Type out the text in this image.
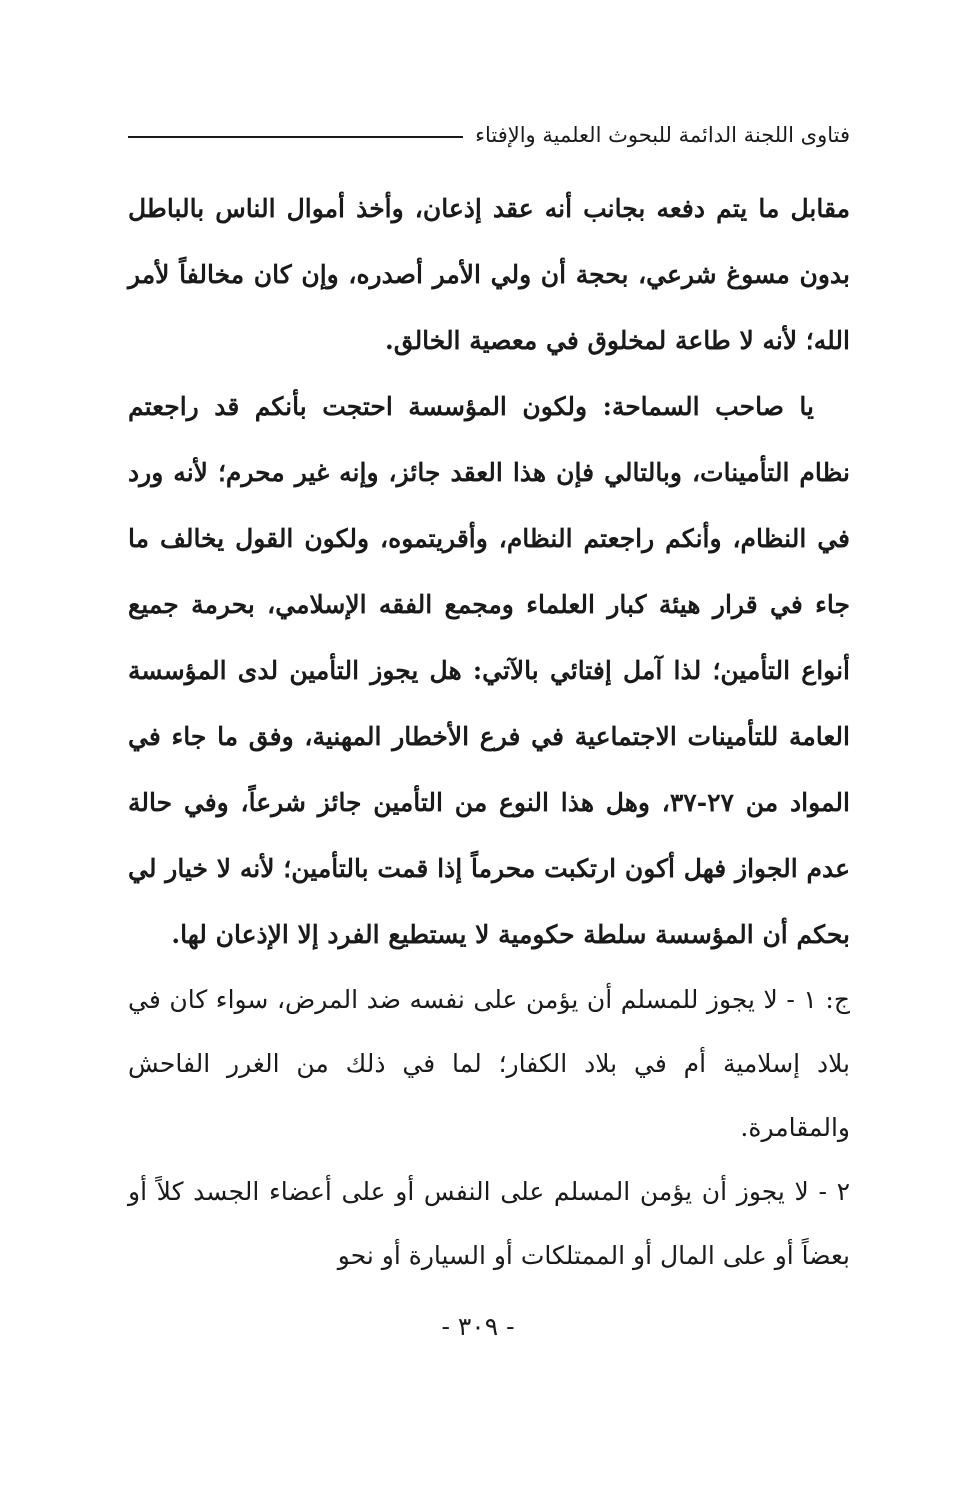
فتاوى اللجنة الدائمة للبحوث العلمية والإفتاء

مقابل ما يتم دفعه بجانب أنه عقد إذعان، وأخذ أموال الناس بالباطل بدون مسوغ شرعي، بحجة أن ولي الأمر أصدره، وإن كان مخالفاً لأمر الله؛ لأنه لا طاعة لمخلوق في معصية الخالق.

يا صاحب السماحة: ولكون المؤسسة احتجت بأنكم قد راجعتم نظام التأمينات، وبالتالي فإن هذا العقد جائز، وإنه غير محرم؛ لأنه ورد في النظام، وأنكم راجعتم النظام، وأقريتموه، ولكون القول يخالف ما جاء في قرار هيئة كبار العلماء ومجمع الفقه الإسلامي، بحرمة جميع أنواع التأمين؛ لذا آمل إفتائي بالآتي: هل يجوز التأمين لدى المؤسسة العامة للتأمينات الاجتماعية في فرع الأخطار المهنية، وفق ما جاء في المواد من ٢٧-٣٧، وهل هذا النوع من التأمين جائز شرعاً، وفي حالة عدم الجواز فهل أكون ارتكبت محرماً إذا قمت بالتأمين؛ لأنه لا خيار لي بحكم أن المؤسسة سلطة حكومية لا يستطيع الفرد إلا الإذعان لها.

ج: ١ - لا يجوز للمسلم أن يؤمن على نفسه ضد المرض، سواء كان في بلاد إسلامية أم في بلاد الكفار؛ لما في ذلك من الغرر الفاحش والمقامرة.

٢ - لا يجوز أن يؤمن المسلم على النفس أو على أعضاء الجسد كلاً أو بعضاً أو على المال أو الممتلكات أو السيارة أو نحو

- ٣٠٩ -
